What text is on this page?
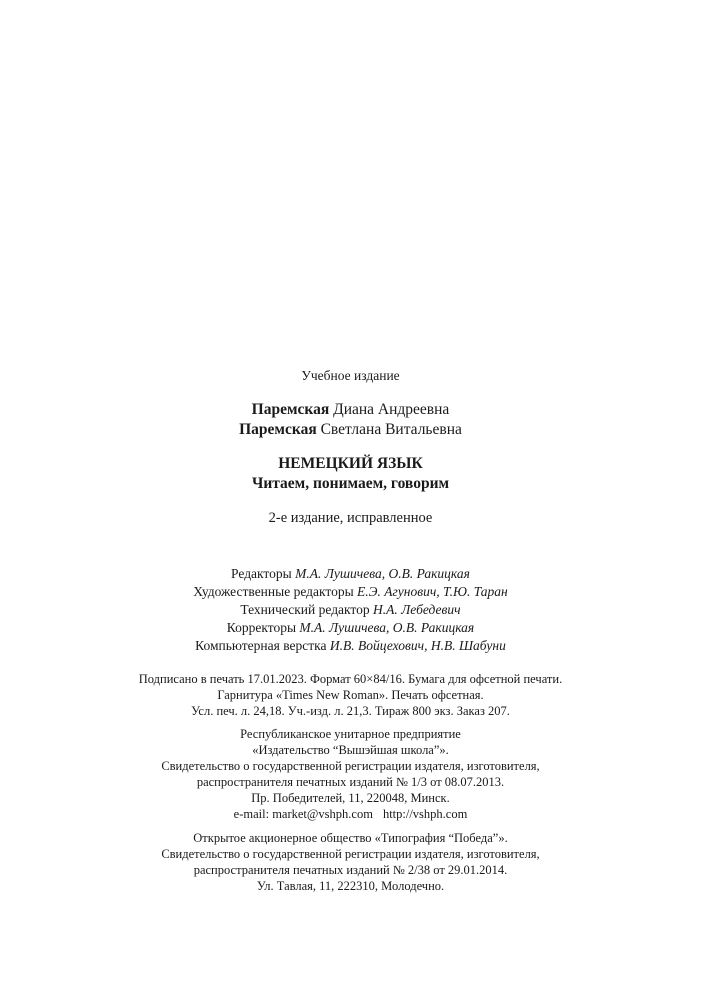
Учебное издание
Паремская Диана Андреевна
Паремская Светлана Витальевна
НЕМЕЦКИЙ ЯЗЫК
Читаем, понимаем, говорим
2-е издание, исправленное
Редакторы М.А. Лушичева, О.В. Ракицкая
Художественные редакторы Е.Э. Агунович, Т.Ю. Таран
Технический редактор Н.А. Лебедевич
Корректоры М.А. Лушичева, О.В. Ракицкая
Компьютерная верстка И.В. Войцехович, Н.В. Шабуни
Подписано в печать 17.01.2023. Формат 60×84/16. Бумага для офсетной печати.
Гарнитура «Times New Roman». Печать офсетная.
Усл. печ. л. 24,18. Уч.-изд. л. 21,3. Тираж 800 экз. Заказ 207.
Республиканское унитарное предприятие
«Издательство “Вышэйшая школа”».
Свидетельство о государственной регистрации издателя, изготовителя,
распространителя печатных изданий № 1/3 от 08.07.2013.
Пр. Победителей, 11, 220048, Минск.
e-mail: market@vshph.com http://vshph.com
Открытое акционерное общество «Типография “Победа”».
Свидетельство о государственной регистрации издателя, изготовителя,
распространителя печатных изданий № 2/38 от 29.01.2014.
Ул. Тавлая, 11, 222310, Молодечно.
